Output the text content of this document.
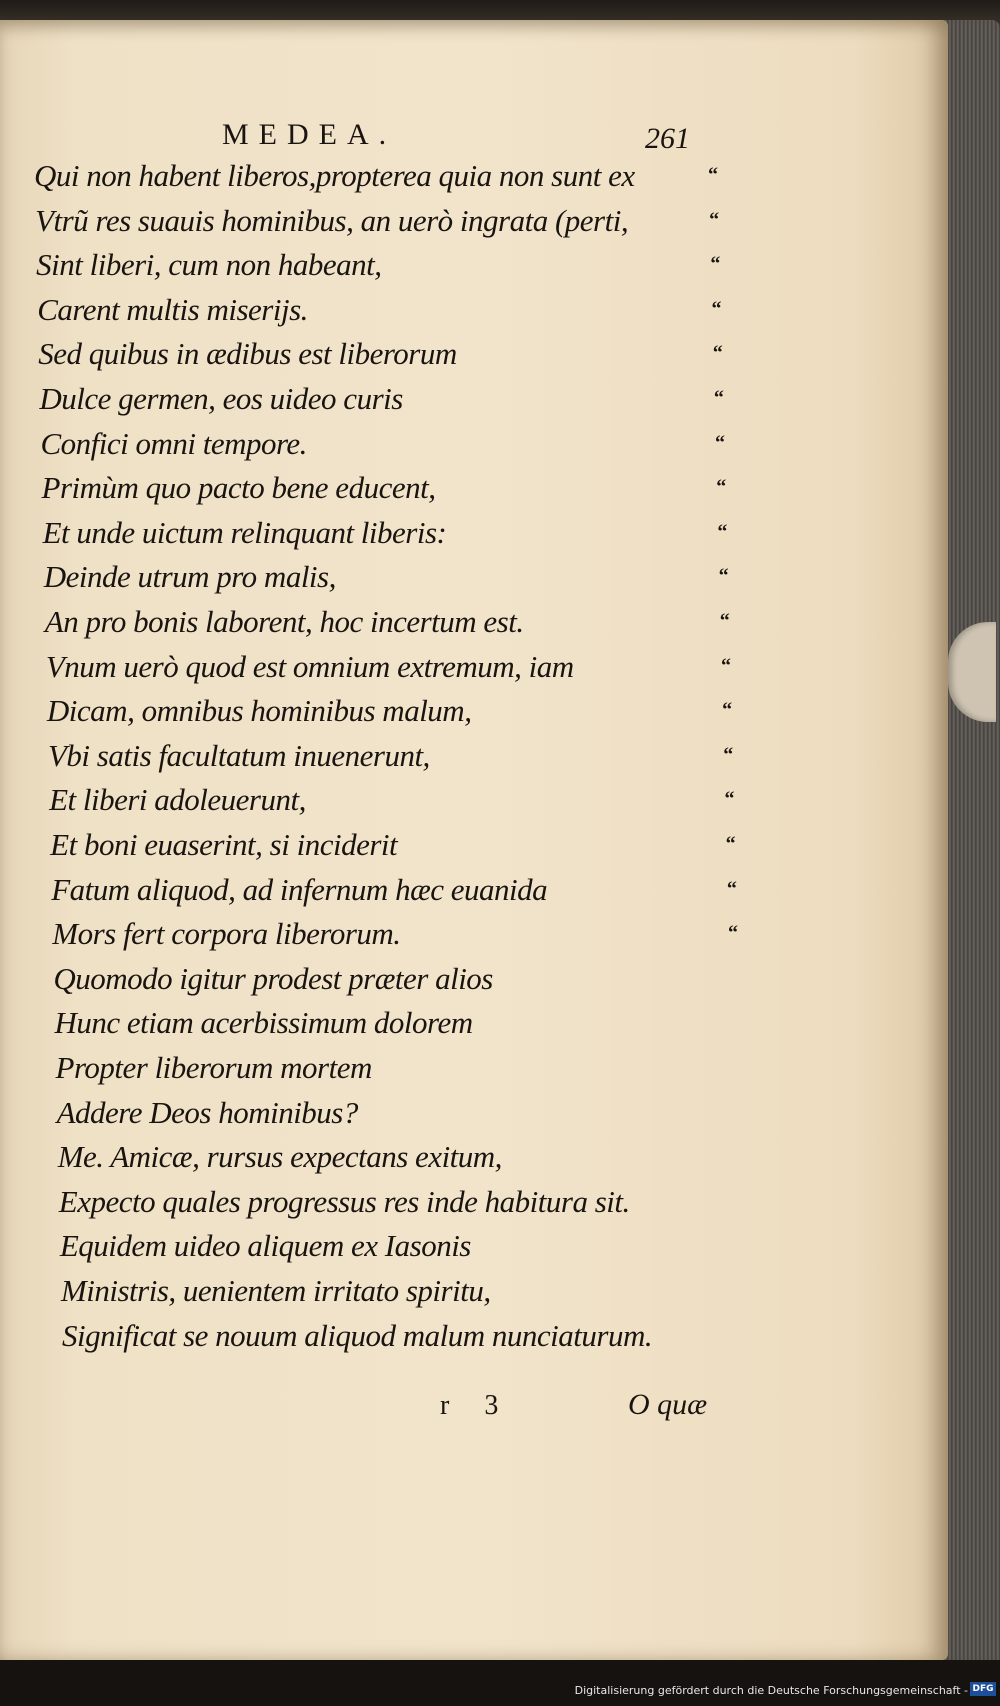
MEDEA.	261
Qui non habent liberos,propterea quia non sunt ex	“
Vtrũ res suauis hominibus, an uerò ingrata (perti,	“
Sint liberi, cum non habeant,	“
Carent multis miserijs.	“
Sed quibus in ædibus est liberorum	“
Dulce germen, eos uideo curis	“
Confici omni tempore.	“
Primùm quo pacto bene educent,	“
Et unde uictum relinquant liberis:	“
Deinde utrum pro malis,	“
An pro bonis laborent, hoc incertum est.	“
Vnum uerò quod est omnium extremum, iam	“
Dicam, omnibus hominibus malum,	“
Vbi satis facultatum inuenerunt,	“
Et liberi adoleuerunt,	“
Et boni euaserint, si inciderit	“
Fatum aliquod, ad infernum hæc euanida	“
Mors fert corpora liberorum.	“
Quomodo igitur prodest præter alios
Hunc etiam acerbissimum dolorem
Propter liberorum mortem
Addere Deos hominibus?
Me. Amicæ, rursus expectans exitum,
Expecto quales progressus res inde habitura sit.
Equidem uideo aliquem ex Iasonis
Ministris, uenientem irritato spiritu,
Significat se nouum aliquod malum nunciaturum.
r 3	O quæ
Digitalisierung gefördert durch die Deutsche Forschungsgemeinschaft - DFG
